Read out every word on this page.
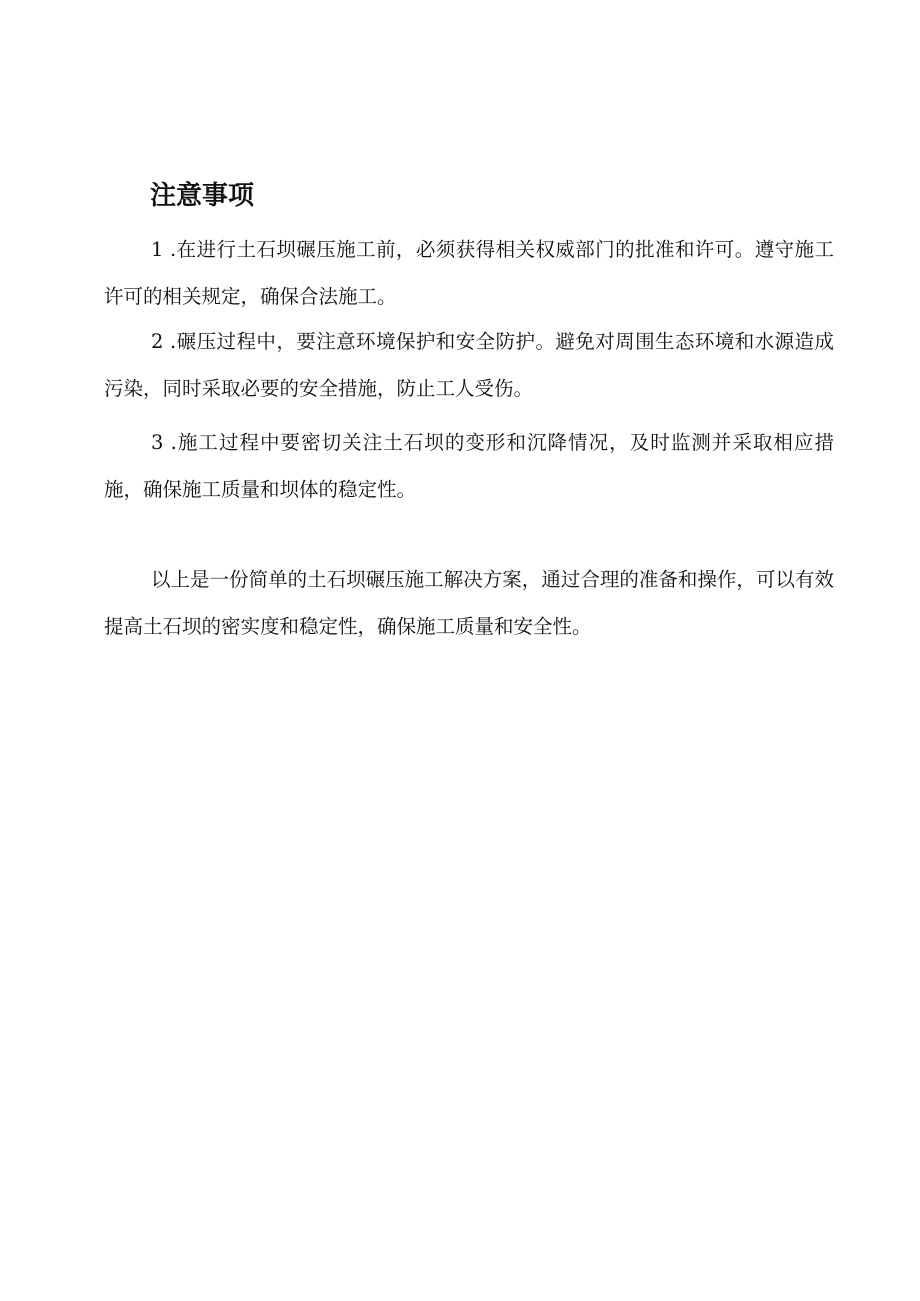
注意事项

1 .在进行土石坝碾压施工前，必须获得相关权威部门的批准和许可。遵守施工许可的相关规定，确保合法施工。

2 .碾压过程中，要注意环境保护和安全防护。避免对周围生态环境和水源造成污染，同时采取必要的安全措施，防止工人受伤。

3 .施工过程中要密切关注土石坝的变形和沉降情况，及时监测并采取相应措施，确保施工质量和坝体的稳定性。

以上是一份简单的土石坝碾压施工解决方案，通过合理的准备和操作，可以有效提高土石坝的密实度和稳定性，确保施工质量和安全性。
